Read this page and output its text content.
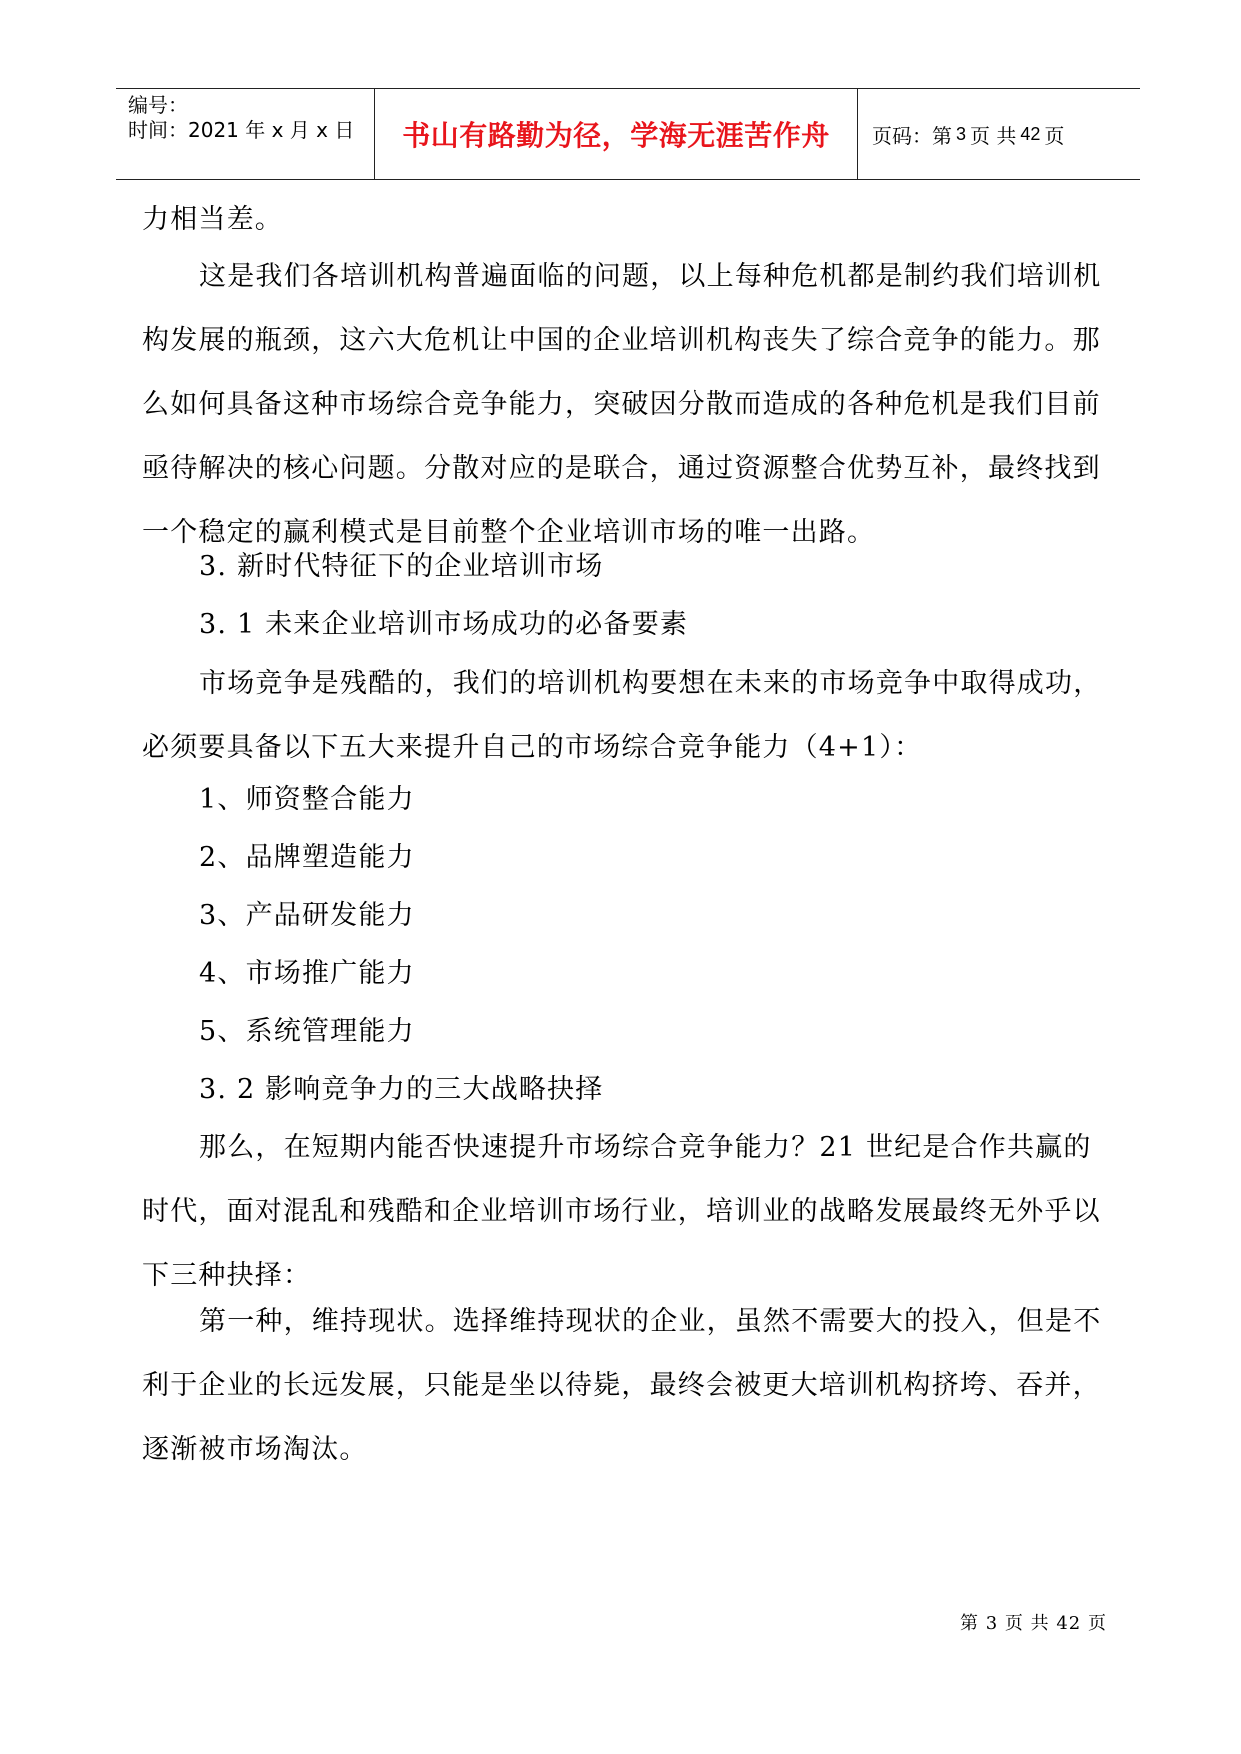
编号：
时间：2021 年 x 月 x 日 书山有路勤为径，学海无涯苦作舟 页码：第 3 页 共 42 页

力相当差。

这是我们各培训机构普遍面临的问题，以上每种危机都是制约我们培训机
构发展的瓶颈，这六大危机让中国的企业培训机构丧失了综合竞争的能力。那
么如何具备这种市场综合竞争能力，突破因分散而造成的各种危机是我们目前
亟待解决的核心问题。分散对应的是联合，通过资源整合优势互补，最终找到
一个稳定的赢利模式是目前整个企业培训市场的唯一出路。

3. 新时代特征下的企业培训市场

3. 1 未来企业培训市场成功的必备要素

市场竞争是残酷的，我们的培训机构要想在未来的市场竞争中取得成功，
必须要具备以下五大来提升自己的市场综合竞争能力（4+1）：

1、师资整合能力

2、品牌塑造能力

3、产品研发能力

4、市场推广能力

5、系统管理能力

3. 2 影响竞争力的三大战略抉择

那么，在短期内能否快速提升市场综合竞争能力？21 世纪是合作共赢的
时代，面对混乱和残酷和企业培训市场行业，培训业的战略发展最终无外乎以
下三种抉择：

第一种，维持现状。选择维持现状的企业，虽然不需要大的投入，但是不
利于企业的长远发展，只能是坐以待毙，最终会被更大培训机构挤垮、吞并，
逐渐被市场淘汰。

第 3 页 共 42 页
